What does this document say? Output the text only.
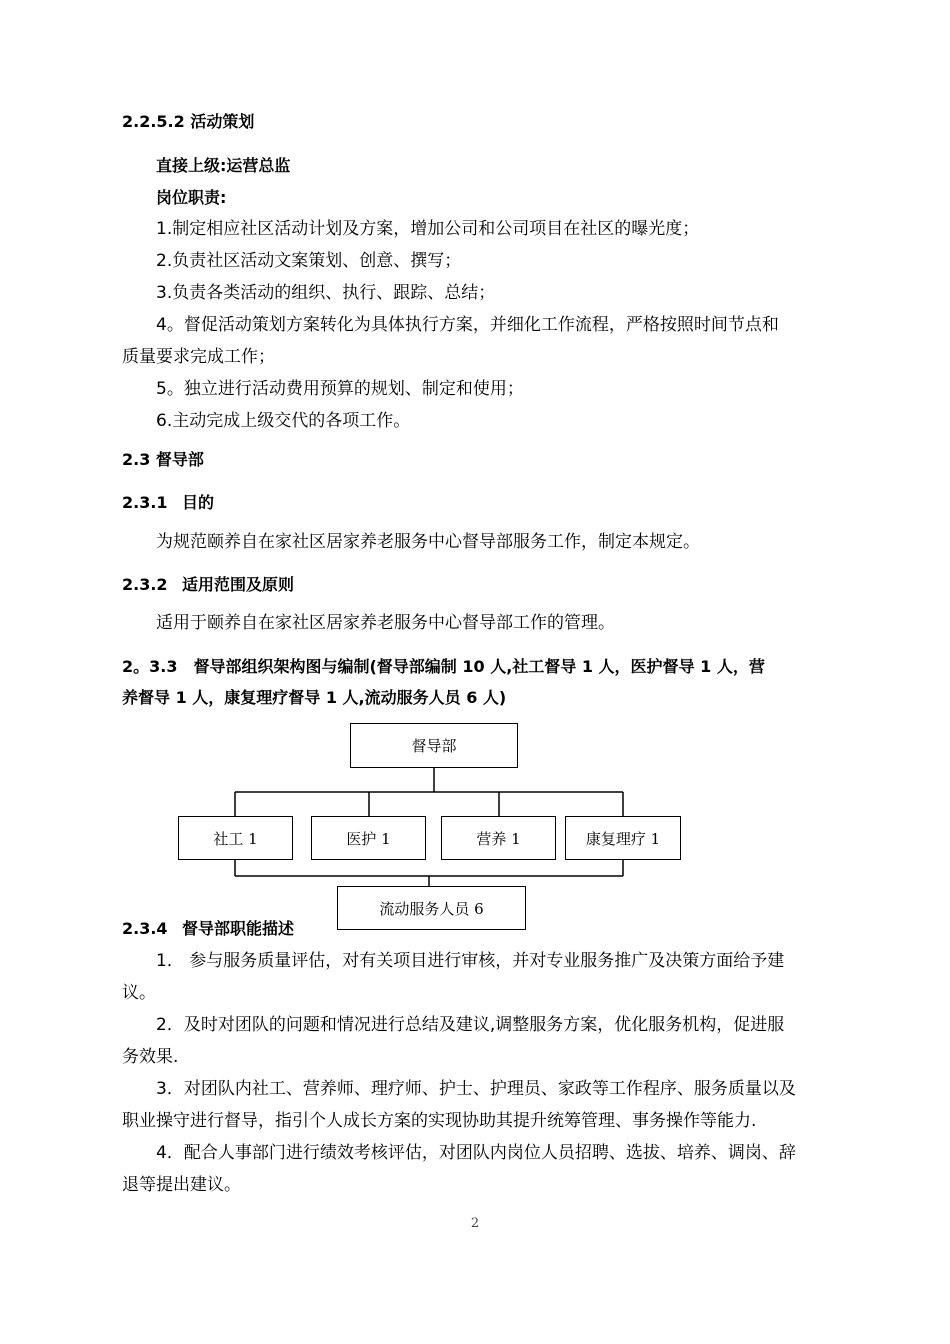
2.2.5.2 活动策划

直接上级:运营总监

岗位职责:

1.制定相应社区活动计划及方案，增加公司和公司项目在社区的曝光度；

2.负责社区活动文案策划、创意、撰写；

3.负责各类活动的组织、执行、跟踪、总结；

4。督促活动策划方案转化为具体执行方案，并细化工作流程，严格按照时间节点和

质量要求完成工作；

5。独立进行活动费用预算的规划、制定和使用；

6.主动完成上级交代的各项工作。

2.3 督导部

2.3.1 目的

为规范颐养自在家社区居家养老服务中心督导部服务工作，制定本规定。

2.3.2 适用范围及原则

适用于颐养自在家社区居家养老服务中心督导部工作的管理。

2。3.3　督导部组织架构图与编制(督导部编制 10 人,社工督导 1 人，医护督导 1 人，营

养督导 1 人，康复理疗督导 1 人,流动服务人员 6 人)

督导部
社工 1	医护 1	营养 1	康复理疗 1
流动服务人员 6

2.3.4 督导部职能描述

1． 参与服务质量评估，对有关项目进行审核，并对专业服务推广及决策方面给予建

议。

2．及时对团队的问题和情况进行总结及建议,调整服务方案，优化服务机构，促进服

务效果.

3．对团队内社工、营养师、理疗师、护士、护理员、家政等工作程序、服务质量以及

职业操守进行督导，指引个人成长方案的实现协助其提升统筹管理、事务操作等能力.

4．配合人事部门进行绩效考核评估，对团队内岗位人员招聘、选拔、培养、调岗、辞

退等提出建议。

2
